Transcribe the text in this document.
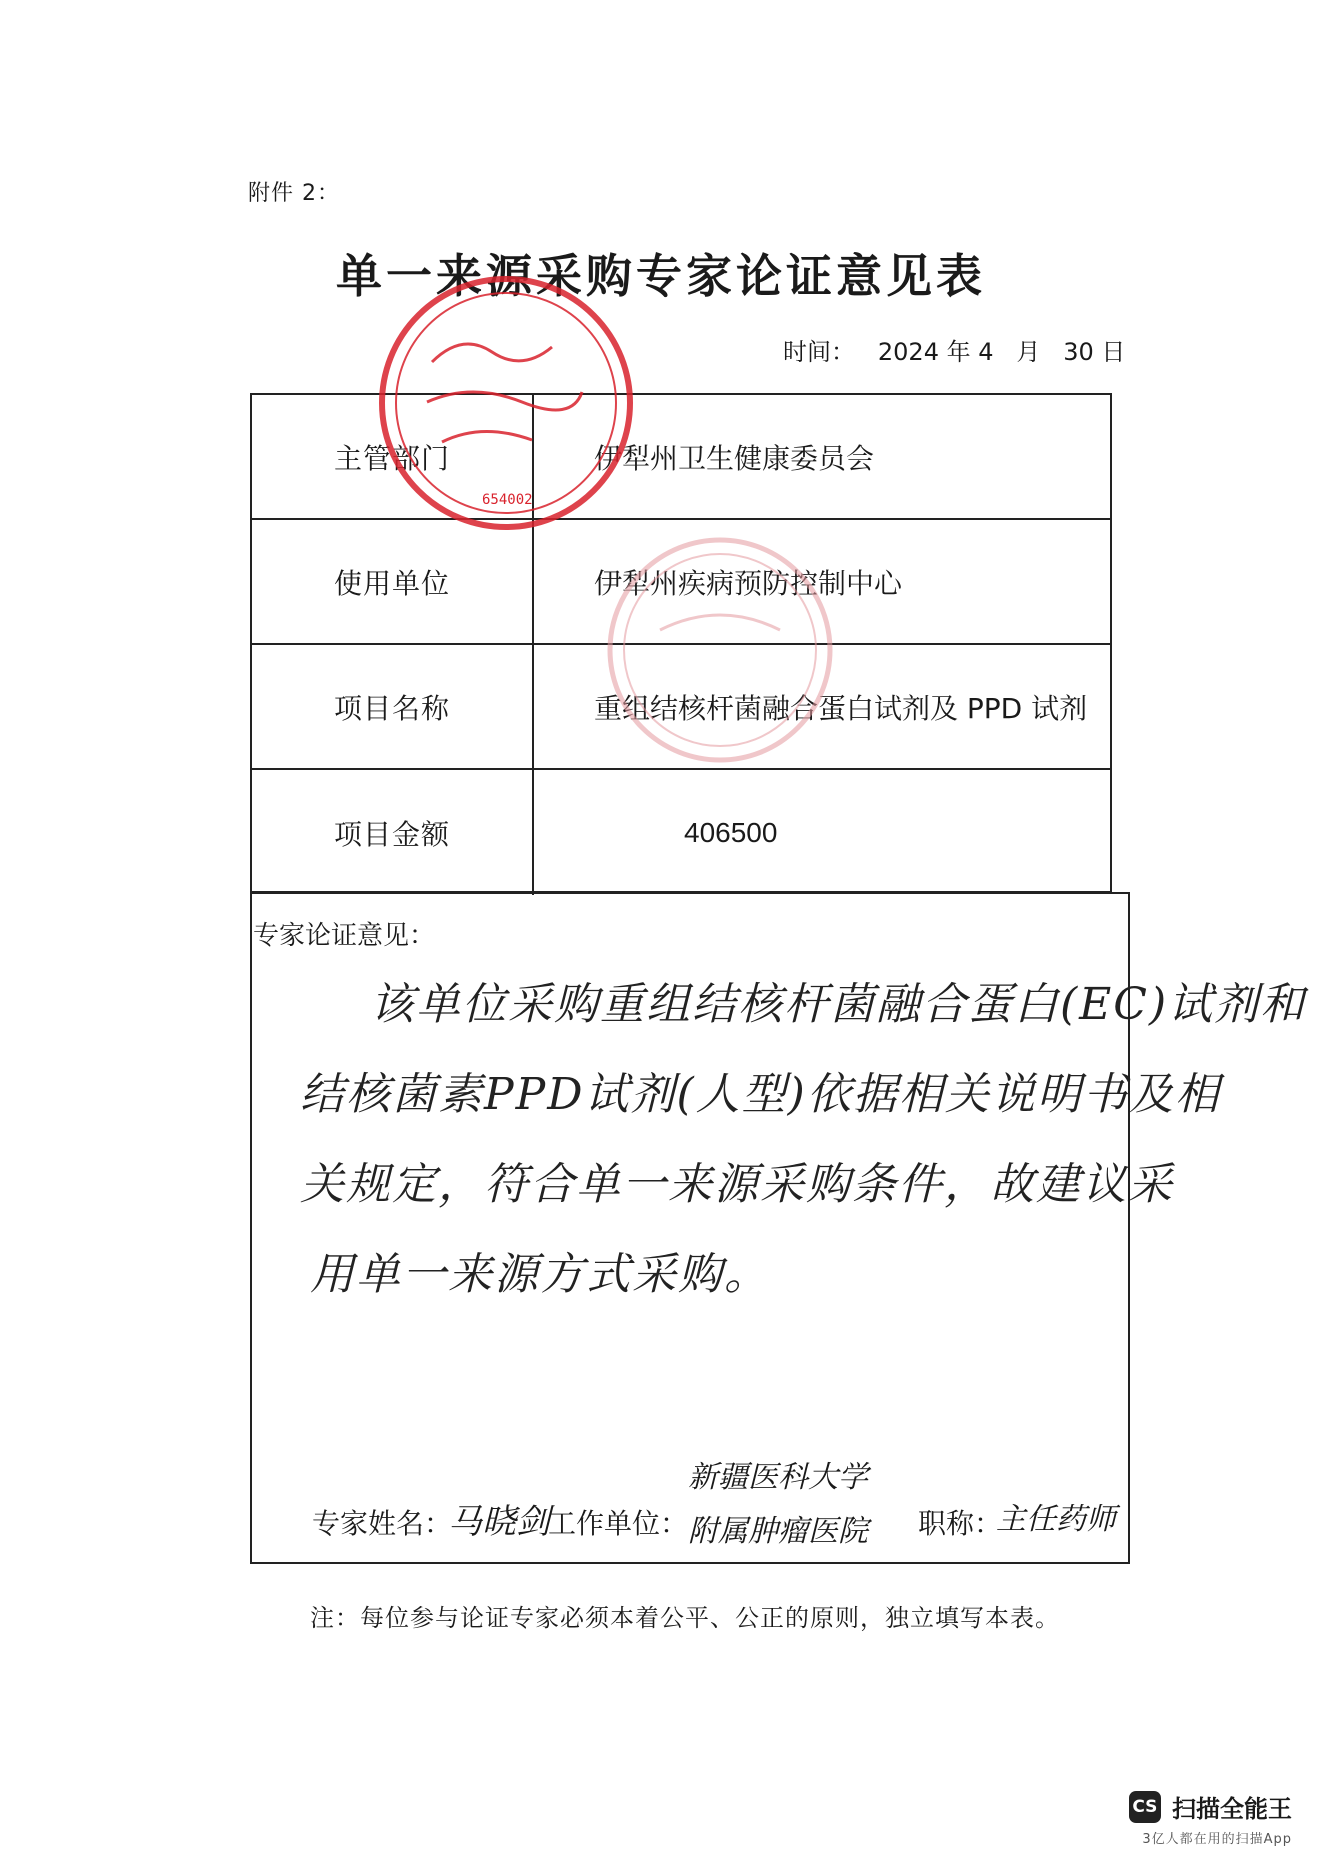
附件 2：
单一来源采购专家论证意见表
时间：   2024 年 4   月   30 日
主管部门	伊犁州卫生健康委员会
使用单位	伊犁州疾病预防控制中心
项目名称	重组结核杆菌融合蛋白试剂及 PPD 试剂
项目金额	406500
专家论证意见：
该单位采购重组结核杆菌融合蛋白(EC)试剂和
结核菌素PPD试剂(人型)依据相关说明书及相
关规定，符合单一来源采购条件，故建议采
用单一来源方式采购。
专家姓名：
马晓剑
工作单位：
新疆医科大学
附属肿瘤医院 职称：
主任药师
注：每位参与论证专家必须本着公平、公正的原则，独立填写本表。
654002
CS 扫描全能王
3亿人都在用的扫描App
